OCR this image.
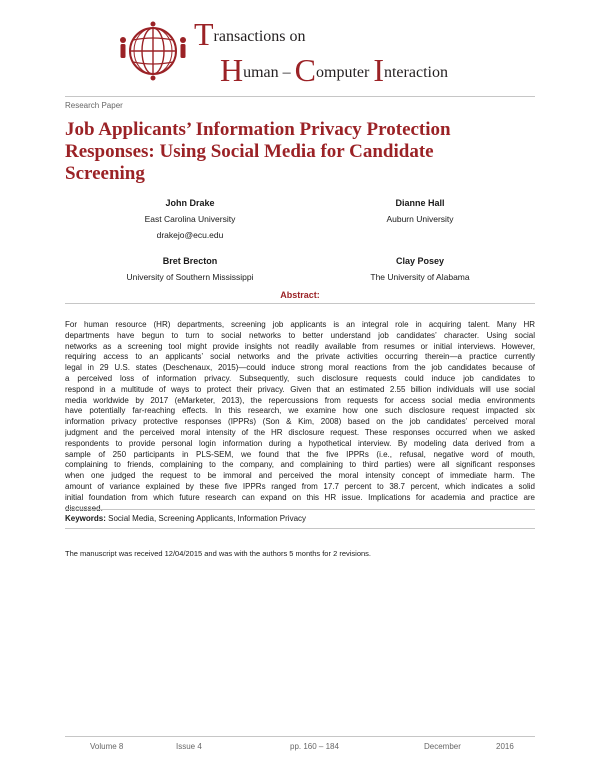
Transactions on
Human – Computer Interaction
Research Paper
Job Applicants’ Information Privacy Protection
Responses: Using Social Media for Candidate
Screening
John Drake
East Carolina University
drakejo@ecu.edu
Dianne Hall
Auburn University
Bret Brecton
University of Southern Mississippi
Clay Posey
The University of Alabama
Abstract:
For human resource (HR) departments, screening job applicants is an integral role in acquiring talent. Many HR
departments have begun to turn to social networks to better understand job candidates’ character. Using social
networks as a screening tool might provide insights not readily available from resumes or initial interviews. However,
requiring access to an applicants’ social networks and the private activities occurring therein—a practice currently
legal in 29 U.S. states (Deschenaux, 2015)—could induce strong moral reactions from the job candidates because of
a perceived loss of information privacy. Subsequently, such disclosure requests could induce job candidates to
respond in a multitude of ways to protect their privacy. Given that an estimated 2.55 billion individuals will use social
media worldwide by 2017 (eMarketer, 2013), the repercussions from requests for access social media environments
have potentially far-reaching effects. In this research, we examine how one such disclosure request impacted six
information privacy protective responses (IPPRs) (Son & Kim, 2008) based on the job candidates’ perceived moral
judgment and the perceived moral intensity of the HR disclosure request. These responses occurred when we asked
respondents to provide personal login information during a hypothetical interview. By modeling data derived from a
sample of 250 participants in PLS-SEM, we found that the five IPPRs (i.e., refusal, negative word of mouth,
complaining to friends, complaining to the company, and complaining to third parties) were all significant responses
when one judged the request to be immoral and perceived the moral intensity concept of immediate harm. The
amount of variance explained by these five IPPRs ranged from 17.7 percent to 38.7 percent, which indicates a solid
initial foundation from which future research can expand on this HR issue. Implications for academia and practice are
Keywords: Social Media, Screening Applicants, Information Privacy
The manuscript was received 12/04/2015 and was with the authors 5 months for 2 revisions.
Volume 8	Issue 4	pp. 160 – 184	December	2016
